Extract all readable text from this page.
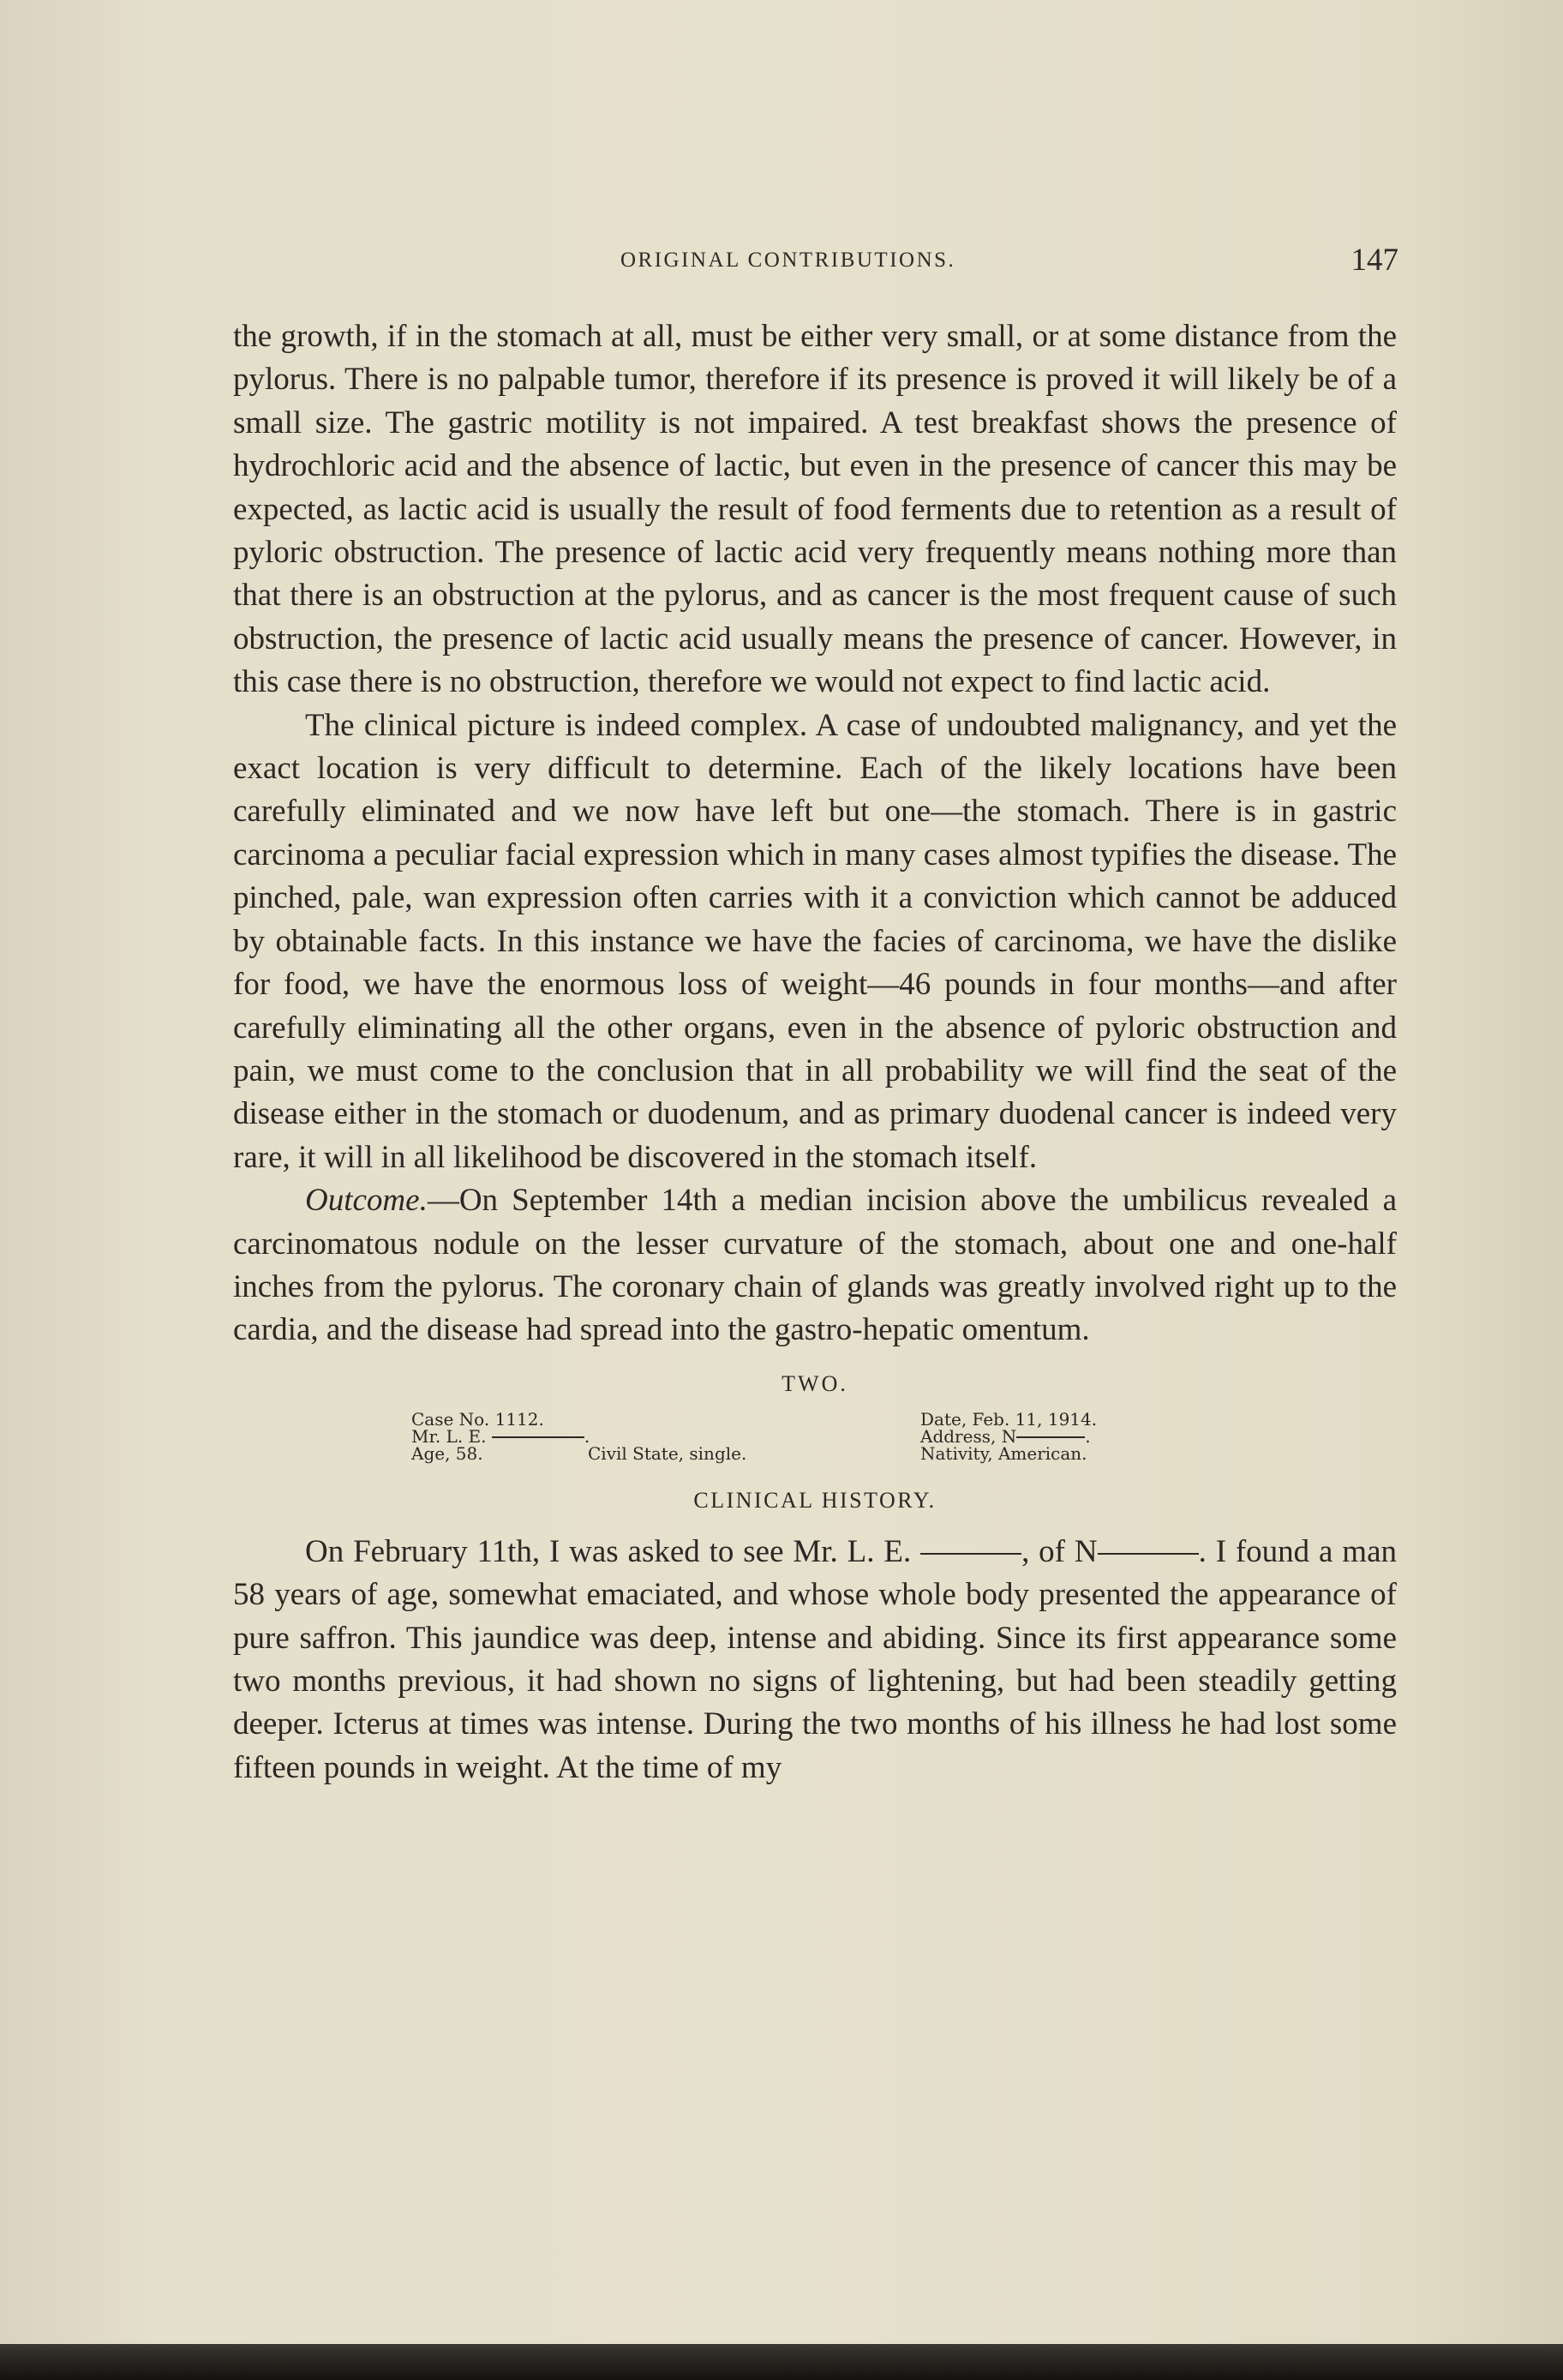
ORIGINAL CONTRIBUTIONS.	147

the growth, if in the stomach at all, must be either very small, or at some distance from the pylorus. There is no palpable tumor, therefore if its presence is proved it will likely be of a small size. The gastric motility is not impaired. A test breakfast shows the presence of hydrochloric acid and the absence of lactic, but even in the presence of cancer this may be expected, as lactic acid is usually the result of food ferments due to retention as a result of pyloric obstruction. The presence of lactic acid very frequently means nothing more than that there is an obstruction at the pylorus, and as cancer is the most frequent cause of such obstruction, the presence of lactic acid usually means the presence of cancer. However, in this case there is no obstruction, therefore we would not expect to find lactic acid.

The clinical picture is indeed complex. A case of undoubted malignancy, and yet the exact location is very difficult to determine. Each of the likely locations have been carefully eliminated and we now have left but one—the stomach. There is in gastric carcinoma a peculiar facial expression which in many cases almost typifies the disease. The pinched, pale, wan expression often carries with it a conviction which cannot be adduced by obtainable facts. In this instance we have the facies of carcinoma, we have the dislike for food, we have the enormous loss of weight—46 pounds in four months—and after carefully eliminating all the other organs, even in the absence of pyloric obstruction and pain, we must come to the conclusion that in all probability we will find the seat of the disease either in the stomach or duodenum, and as primary duodenal cancer is indeed very rare, it will in all likelihood be discovered in the stomach itself.

Outcome.—On September 14th a median incision above the umbilicus revealed a carcinomatous nodule on the lesser curvature of the stomach, about one and one-half inches from the pylorus. The coronary chain of glands was greatly involved right up to the cardia, and the disease had spread into the gastro-hepatic omentum.

TWO.
Case No. 1112.	Date, Feb. 11, 1914.
Mr. L. E.	.	Address, N	.
Age, 58.	Civil State, single.	Nativity, American.
CLINICAL HISTORY.

On February 11th, I was asked to see Mr. L. E.	, of N	. I found a man 58 years of age, somewhat emaciated, and whose whole body presented the appearance of pure saffron. This jaundice was deep, intense and abiding. Since its first appearance some two months previous, it had shown no signs of lightening, but had been steadily getting deeper. Icterus at times was intense. During the two months of his illness he had lost some fifteen pounds in weight. At the time of my
